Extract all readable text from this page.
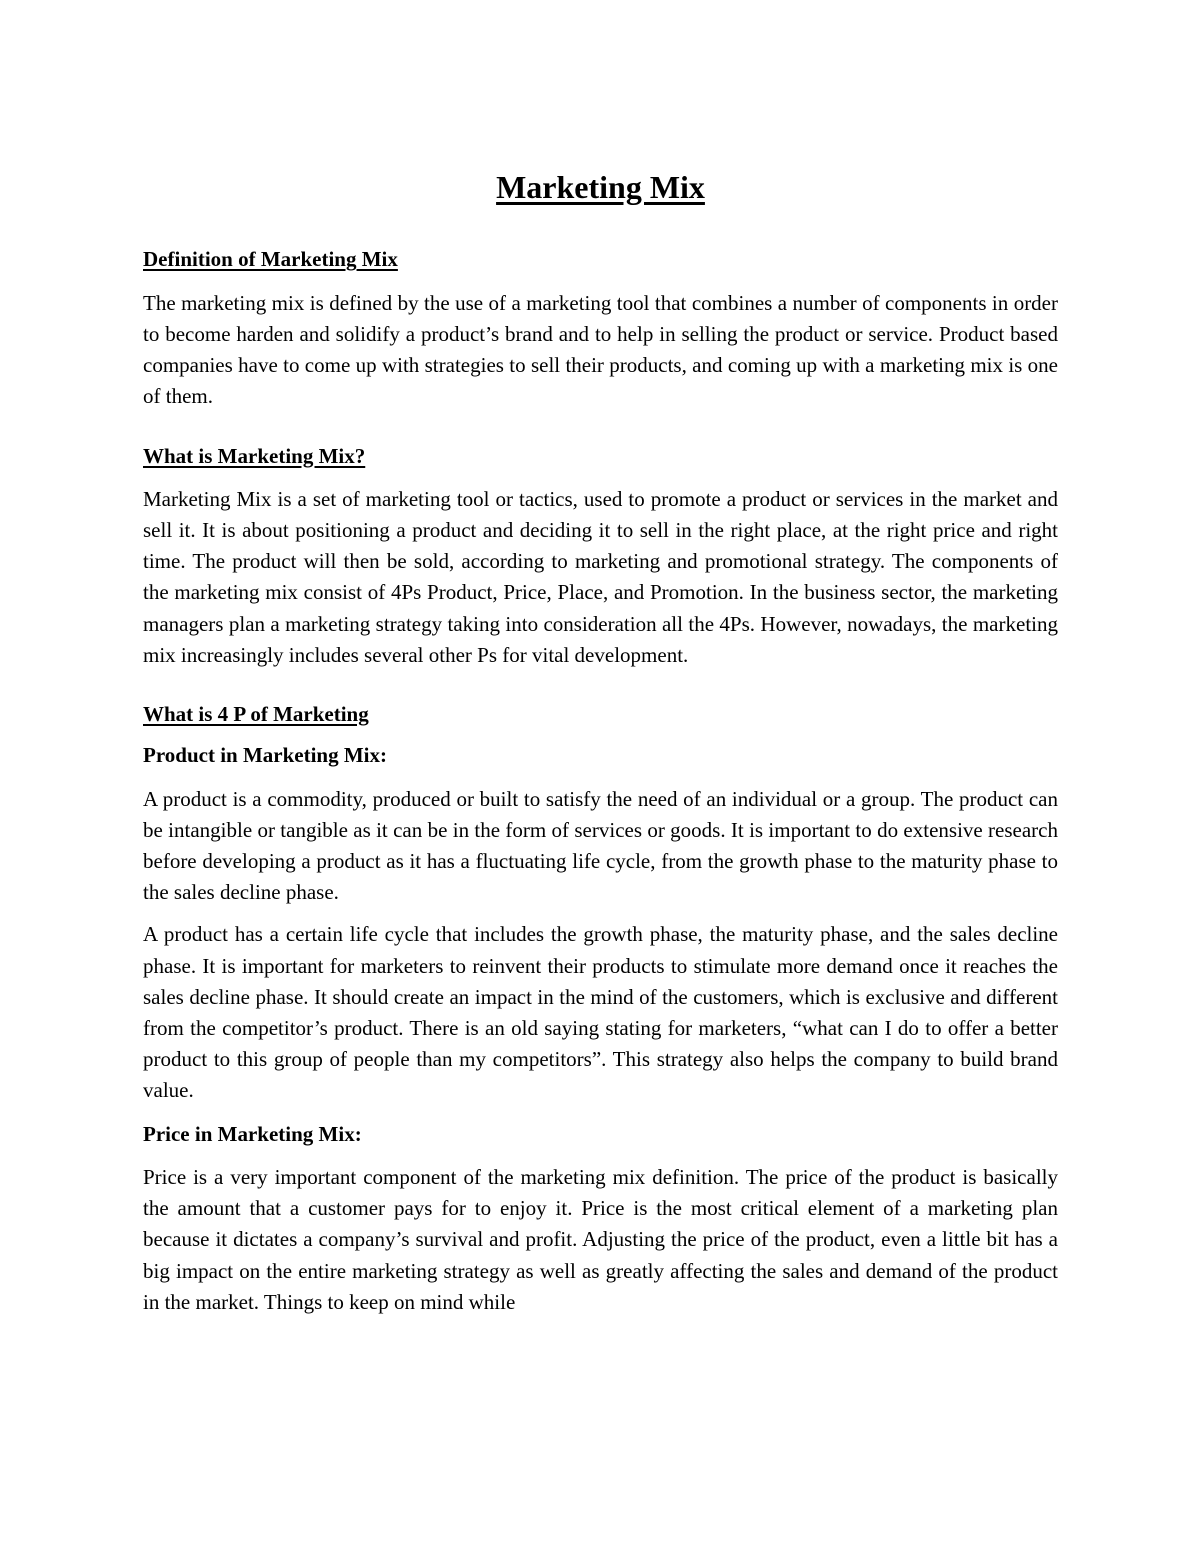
Marketing Mix
Definition of Marketing Mix

The marketing mix is defined by the use of a marketing tool that combines a number of components in order to become harden and solidify a product’s brand and to help in selling the product or service. Product based companies have to come up with strategies to sell their products, and coming up with a marketing mix is one of them.

What is Marketing Mix?

Marketing Mix is a set of marketing tool or tactics, used to promote a product or services in the market and sell it. It is about positioning a product and deciding it to sell in the right place, at the right price and right time. The product will then be sold, according to marketing and promotional strategy. The components of the marketing mix consist of 4Ps Product, Price, Place, and Promotion. In the business sector, the marketing managers plan a marketing strategy taking into consideration all the 4Ps. However, nowadays, the marketing mix increasingly includes several other Ps for vital development.

What is 4 P of Marketing
Product in Marketing Mix:

A product is a commodity, produced or built to satisfy the need of an individual or a group. The product can be intangible or tangible as it can be in the form of services or goods. It is important to do extensive research before developing a product as it has a fluctuating life cycle, from the growth phase to the maturity phase to the sales decline phase.

A product has a certain life cycle that includes the growth phase, the maturity phase, and the sales decline phase. It is important for marketers to reinvent their products to stimulate more demand once it reaches the sales decline phase. It should create an impact in the mind of the customers, which is exclusive and different from the competitor’s product. There is an old saying stating for marketers, “what can I do to offer a better product to this group of people than my competitors”. This strategy also helps the company to build brand value.

Price in Marketing Mix:

Price is a very important component of the marketing mix definition. The price of the product is basically the amount that a customer pays for to enjoy it. Price is the most critical element of a marketing plan because it dictates a company’s survival and profit. Adjusting the price of the product, even a little bit has a big impact on the entire marketing strategy as well as greatly affecting the sales and demand of the product in the market. Things to keep on mind while
